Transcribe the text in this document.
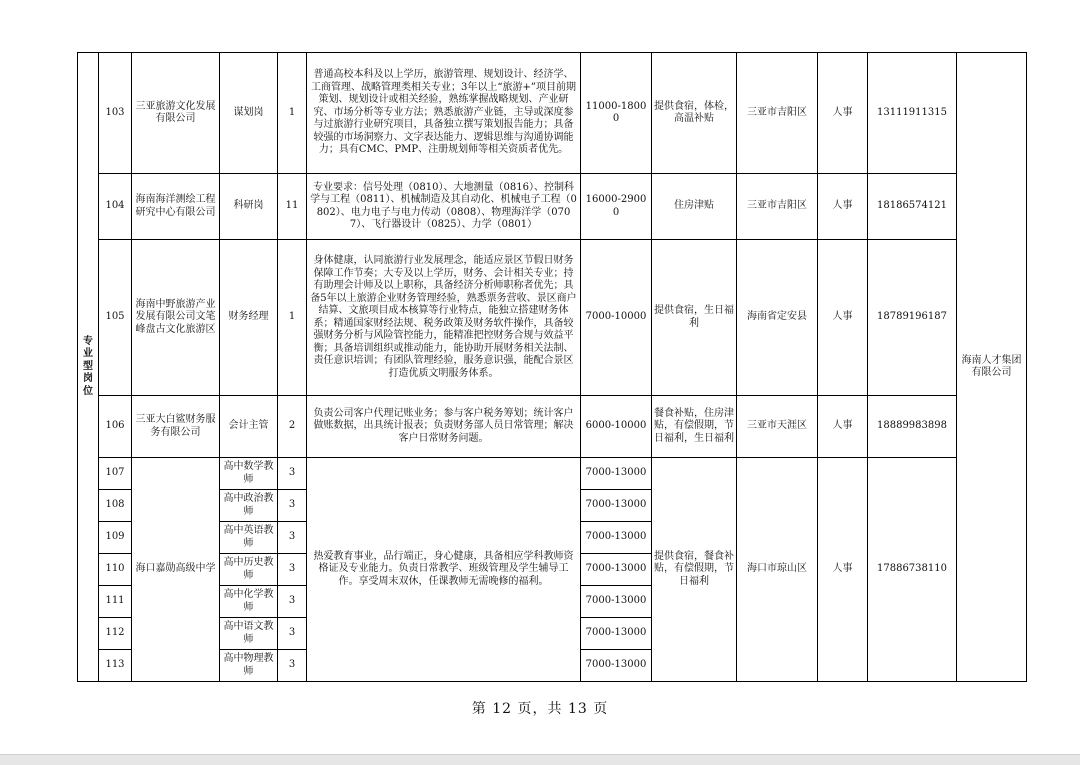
专业型岗位	103	三亚旅游文化发展有限公司	谋划岗	1	普通高校本科及以上学历，旅游管理、规划设计、经济学、工商管理、战略管理类相关专业；3年以上“旅游+”项目前期策划、规划设计或相关经验，熟练掌握战略规划、产业研究、市场分析等专业方法；熟悉旅游产业链，主导或深度参与过旅游行业研究项目，具备独立撰写策划报告能力；具备较强的市场洞察力、文字表达能力、逻辑思维与沟通协调能力；具有CMC、PMP、注册规划师等相关资质者优先。	11000-18000	提供食宿，体检，高温补贴	三亚市吉阳区	人事	13111911315	海南人才集团有限公司
	104	海南海洋测绘工程研究中心有限公司	科研岗	11	专业要求：信号处理（0810）、大地测量（0816）、控制科学与工程（0811）、机械制造及其自动化、机械电子工程（0802）、电力电子与电力传动（0808）、物理海洋学（0707）、飞行器设计（0825）、力学（0801）	16000-29000	住房津贴	三亚市吉阳区	人事	18186574121	
	105	海南中野旅游产业发展有限公司文笔峰盘古文化旅游区	财务经理	1	身体健康，认同旅游行业发展理念，能适应景区节假日财务保障工作节奏；大专及以上学历，财务、会计相关专业；持有助理会计师及以上职称，具备经济分析师职称者优先；具备5年以上旅游企业财务管理经验，熟悉票务营收、景区商户结算、文旅项目成本核算等行业特点，能独立搭建财务体系；精通国家财经法规、税务政策及财务软件操作，具备较强财务分析与风险管控能力，能精准把控财务合规与效益平衡；具备培训组织或推动能力，能协助开展财务相关法制、责任意识培训；有团队管理经验，服务意识强，能配合景区打造优质文明服务体系。	7000-10000	提供食宿，生日福利	海南省定安县	人事	18789196187	
	106	三亚大白鲨财务服务有限公司	会计主管	2	负责公司客户代理记账业务；参与客户税务筹划；统计客户做账数据，出具统计报表；负责财务部人员日常管理；解决客户日常财务问题。	6000-10000	餐食补贴，住房津贴，有偿假期，节日福利，生日福利	三亚市天涯区	人事	18889983898	
	107	海口嘉勋高级中学	高中数学教师	3	热爱教育事业，品行端正，身心健康，具备相应学科教师资格证及专业能力。负责日常教学、班级管理及学生辅导工作。享受周末双休，任课教师无需晚修的福利。	7000-13000	提供食宿，餐食补贴，有偿假期，节日福利	海口市琼山区	人事	17886738110	
	108		高中政治教师	3		7000-13000					
	109		高中英语教师	3		7000-13000					
	110		高中历史教师	3		7000-13000					
	111		高中化学教师	3		7000-13000					
	112		高中语文教师	3		7000-13000					
	113		高中物理教师	3		7000-13000					
第 12 页，共 13 页
